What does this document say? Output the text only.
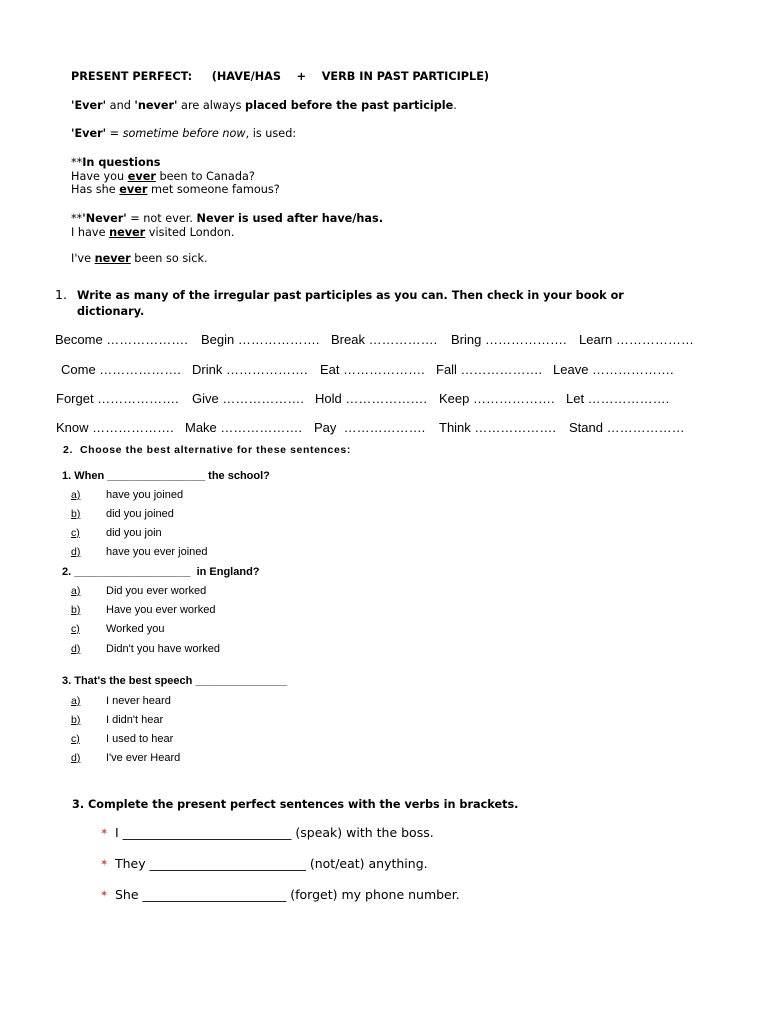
PRESENT PERFECT:     (HAVE/HAS    +    VERB IN PAST PARTICIPLE)
'Ever' and 'never' are always placed before the past participle.
'Ever' = sometime before now, is used:
**In questions
Have you ever been to Canada?
Has she ever met someone famous?
**'Never' = not ever. Never is used after have/has.
I have never visited London.
I've never been so sick.
1. Write as many of the irregular past participles as you can. Then check in your book or dictionary.
Become ………………. Begin ………………. Break ……………. Bring ………………. Learn ………………
Come ………………. Drink ………………. Eat ………………. Fall ………………. Leave ……………….
Forget ………………. Give ………………. Hold ………………. Keep ………………. Let ……………….
Know ………………. Make ………………. Pay  ………………. Think ………………. Stand ………………
2.  Choose the best alternative for these sentences:
1. When ________________ the school?
a) have you joined
b) did you joined
c) did you join
d) have you ever joined
2. ___________________  in England?
a) Did you ever worked
b) Have you ever worked
c) Worked you
d) Didn't you have worked
3. That's the best speech _______________
a) I never heard
b) I didn't hear
c) I used to hear
d) I've ever Heard
3. Complete the present perfect sentences with the verbs in brackets.
✶
I ___________________________ (speak) with the boss.
✶
They _________________________ (not/eat) anything.
✶
She _______________________ (forget) my phone number.
